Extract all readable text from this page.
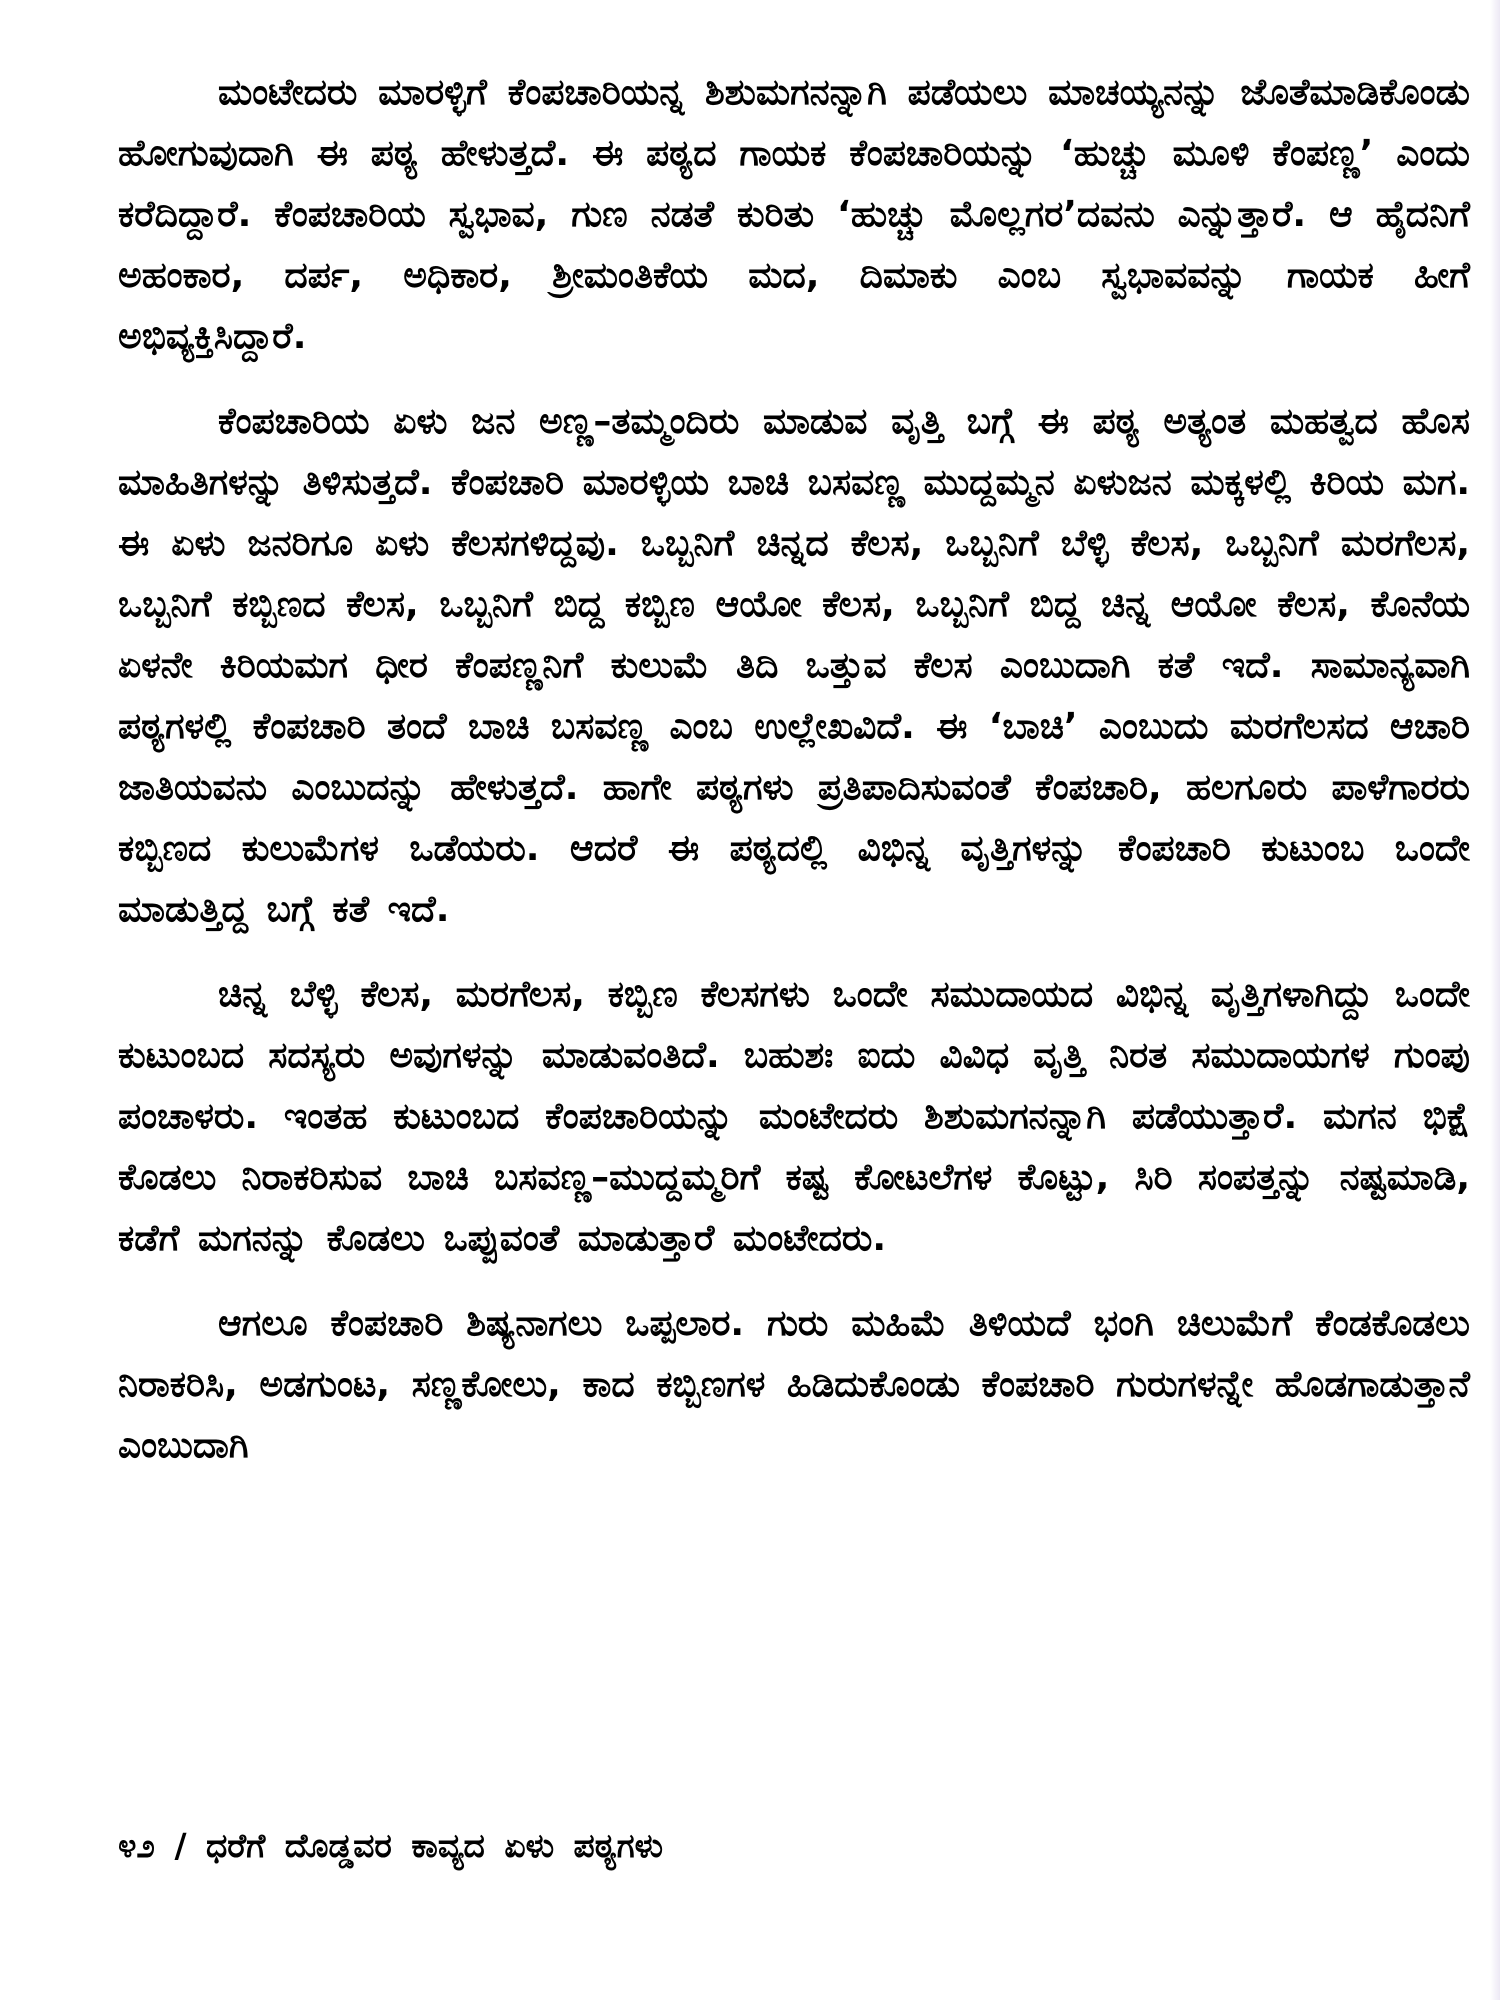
ಮಂಟೇದರು ಮಾರಳ್ಳಿಗೆ ಕೆಂಪಚಾರಿಯನ್ನ ಶಿಶುಮಗನನ್ನಾಗಿ ಪಡೆಯಲು ಮಾಚಯ್ಯನನ್ನು ಜೊತೆಮಾಡಿಕೊಂಡು ಹೋಗುವುದಾಗಿ ಈ ಪಠ್ಯ ಹೇಳುತ್ತದೆ. ಈ ಪಠ್ಯದ ಗಾಯಕ ಕೆಂಪಚಾರಿಯನ್ನು ‘ಹುಚ್ಚು ಮೂಳಿ ಕೆಂಪಣ್ಣ’ ಎಂದು ಕರೆದಿದ್ದಾರೆ. ಕೆಂಪಚಾರಿಯ ಸ್ವಭಾವ, ಗುಣ ನಡತೆ ಕುರಿತು ‘ಹುಚ್ಚು ಮೊಲ್ಲಗರ’ದವನು ಎನ್ನುತ್ತಾರೆ. ಆ ಹೈದನಿಗೆ ಅಹಂಕಾರ, ದರ್ಪ, ಅಧಿಕಾರ, ಶ್ರೀಮಂತಿಕೆಯ ಮದ, ದಿಮಾಕು ಎಂಬ ಸ್ವಭಾವವನ್ನು ಗಾಯಕ ಹೀಗೆ ಅಭಿವ್ಯಕ್ತಿಸಿದ್ದಾರೆ.

ಕೆಂಪಚಾರಿಯ ಏಳು ಜನ ಅಣ್ಣ–ತಮ್ಮಂದಿರು ಮಾಡುವ ವೃತ್ತಿ ಬಗ್ಗೆ ಈ ಪಠ್ಯ ಅತ್ಯಂತ ಮಹತ್ವದ ಹೊಸ ಮಾಹಿತಿಗಳನ್ನು ತಿಳಿಸುತ್ತದೆ. ಕೆಂಪಚಾರಿ ಮಾರಳ್ಳಿಯ ಬಾಚಿ ಬಸವಣ್ಣ ಮುದ್ದಮ್ಮನ ಏಳುಜನ ಮಕ್ಕಳಲ್ಲಿ ಕಿರಿಯ ಮಗ. ಈ ಏಳು ಜನರಿಗೂ ಏಳು ಕೆಲಸಗಳಿದ್ದವು. ಒಬ್ಬನಿಗೆ ಚಿನ್ನದ ಕೆಲಸ, ಒಬ್ಬನಿಗೆ ಬೆಳ್ಳಿ ಕೆಲಸ, ಒಬ್ಬನಿಗೆ ಮರಗೆಲಸ, ಒಬ್ಬನಿಗೆ ಕಬ್ಬಿಣದ ಕೆಲಸ, ಒಬ್ಬನಿಗೆ ಬಿದ್ದ ಕಬ್ಬಿಣ ಆಯೋ ಕೆಲಸ, ಒಬ್ಬನಿಗೆ ಬಿದ್ದ ಚಿನ್ನ ಆಯೋ ಕೆಲಸ, ಕೊನೆಯ ಏಳನೇ ಕಿರಿಯಮಗ ಧೀರ ಕೆಂಪಣ್ಣನಿಗೆ ಕುಲುಮೆ ತಿದಿ ಒತ್ತುವ ಕೆಲಸ ಎಂಬುದಾಗಿ ಕತೆ ಇದೆ. ಸಾಮಾನ್ಯವಾಗಿ ಪಠ್ಯಗಳಲ್ಲಿ ಕೆಂಪಚಾರಿ ತಂದೆ ಬಾಚಿ ಬಸವಣ್ಣ ಎಂಬ ಉಲ್ಲೇಖವಿದೆ. ಈ ‘ಬಾಚಿ’ ಎಂಬುದು ಮರಗೆಲಸದ ಆಚಾರಿ ಜಾತಿಯವನು ಎಂಬುದನ್ನು ಹೇಳುತ್ತದೆ. ಹಾಗೇ ಪಠ್ಯಗಳು ಪ್ರತಿಪಾದಿಸುವಂತೆ ಕೆಂಪಚಾರಿ, ಹಲಗೂರು ಪಾಳೆಗಾರರು ಕಬ್ಬಿಣದ ಕುಲುಮೆಗಳ ಒಡೆಯರು. ಆದರೆ ಈ ಪಠ್ಯದಲ್ಲಿ ವಿಭಿನ್ನ ವೃತ್ತಿಗಳನ್ನು ಕೆಂಪಚಾರಿ ಕುಟುಂಬ ಒಂದೇ ಮಾಡುತ್ತಿದ್ದ ಬಗ್ಗೆ ಕತೆ ಇದೆ.

ಚಿನ್ನ ಬೆಳ್ಳಿ ಕೆಲಸ, ಮರಗೆಲಸ, ಕಬ್ಬಿಣ ಕೆಲಸಗಳು ಒಂದೇ ಸಮುದಾಯದ ವಿಭಿನ್ನ ವೃತ್ತಿಗಳಾಗಿದ್ದು ಒಂದೇ ಕುಟುಂಬದ ಸದಸ್ಯರು ಅವುಗಳನ್ನು ಮಾಡುವಂತಿದೆ. ಬಹುಶಃ ಐದು ವಿವಿಧ ವೃತ್ತಿ ನಿರತ ಸಮುದಾಯಗಳ ಗುಂಪು ಪಂಚಾಳರು. ಇಂತಹ ಕುಟುಂಬದ ಕೆಂಪಚಾರಿಯನ್ನು ಮಂಟೇದರು ಶಿಶುಮಗನನ್ನಾಗಿ ಪಡೆಯುತ್ತಾರೆ. ಮಗನ ಭಿಕ್ಷೆ ಕೊಡಲು ನಿರಾಕರಿಸುವ ಬಾಚಿ ಬಸವಣ್ಣ–ಮುದ್ದಮ್ಮರಿಗೆ ಕಷ್ಟ ಕೋಟಲೆಗಳ ಕೊಟ್ಟು, ಸಿರಿ ಸಂಪತ್ತನ್ನು ನಷ್ಟಮಾಡಿ, ಕಡೆಗೆ ಮಗನನ್ನು ಕೊಡಲು ಒಪ್ಪುವಂತೆ ಮಾಡುತ್ತಾರೆ ಮಂಟೇದರು.

ಆಗಲೂ ಕೆಂಪಚಾರಿ ಶಿಷ್ಯನಾಗಲು ಒಪ್ಪಲಾರ. ಗುರು ಮಹಿಮೆ ತಿಳಿಯದೆ ಭಂಗಿ ಚಿಲುಮೆಗೆ ಕೆಂಡಕೊಡಲು ನಿರಾಕರಿಸಿ, ಅಡಗುಂಟ, ಸಣ್ಣಕೋಲು, ಕಾದ ಕಬ್ಬಿಣಗಳ ಹಿಡಿದುಕೊಂಡು ಕೆಂಪಚಾರಿ ಗುರುಗಳನ್ನೇ ಹೊಡಗಾಡುತ್ತಾನೆ ಎಂಬುದಾಗಿ

೪೨ / ಧರೆಗೆ ದೊಡ್ಡವರ ಕಾವ್ಯದ ಏಳು ಪಠ್ಯಗಳು
